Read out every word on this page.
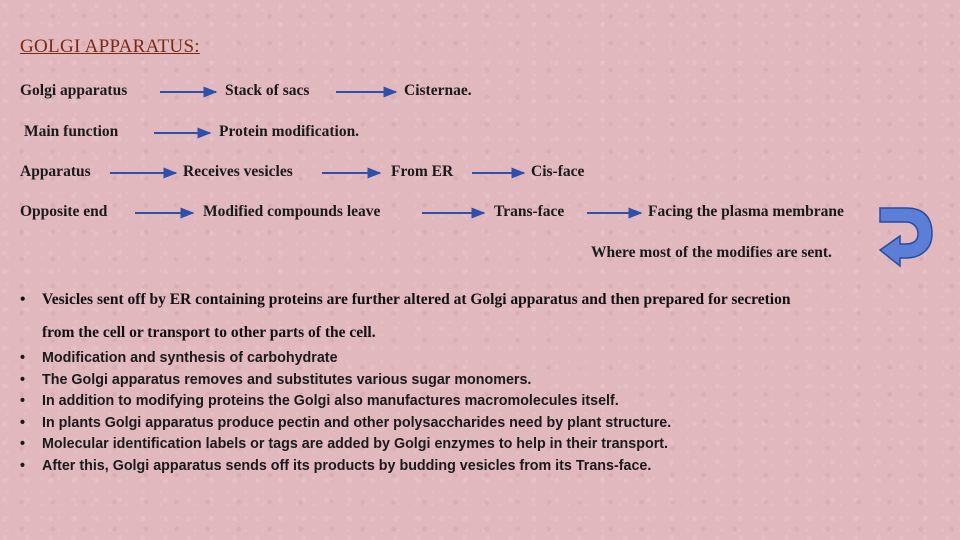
GOLGI APPARATUS:
Golgi apparatus	Stack of sacs	Cisternae.
Main function	Protein modification.
Apparatus	Receives vesicles	From ER	Cis-face
Opposite end	Modified compounds leave	Trans-face	Facing the plasma membrane
Where most of the modifies are sent.
• Vesicles sent off by ER containing proteins are further altered at Golgi apparatus and then prepared for secretion
from the cell or transport to other parts of the cell.
• Modification and synthesis of carbohydrate
• The Golgi apparatus removes and substitutes various sugar monomers.
• In addition to modifying proteins the Golgi also manufactures macromolecules itself.
• In plants Golgi apparatus produce pectin and other polysaccharides need by plant structure.
• Molecular identification labels or tags are added by Golgi enzymes to help in their transport.
• After this, Golgi apparatus sends off its products by budding vesicles from its Trans-face.
